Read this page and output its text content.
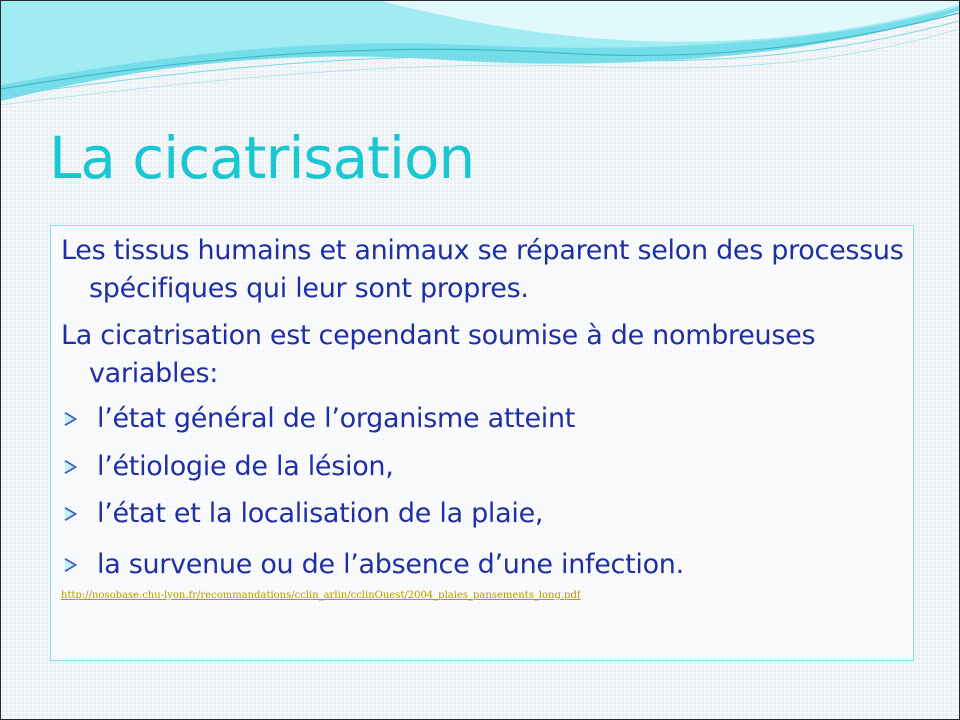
La cicatrisation

Les tissus humains et animaux se réparent selon des processus spécifiques qui leur sont propres.

La cicatrisation est cependant soumise à de nombreuses variables:

l’état général de l’organisme atteint
l’étiologie de la lésion,
l’état et la localisation de la plaie,
la survenue ou de l’absence d’une infection.
http://nosobase.chu-lyon.fr/recommandations/cclin_arlin/cclinOuest/2004_plaies_pansements_long.pdf
